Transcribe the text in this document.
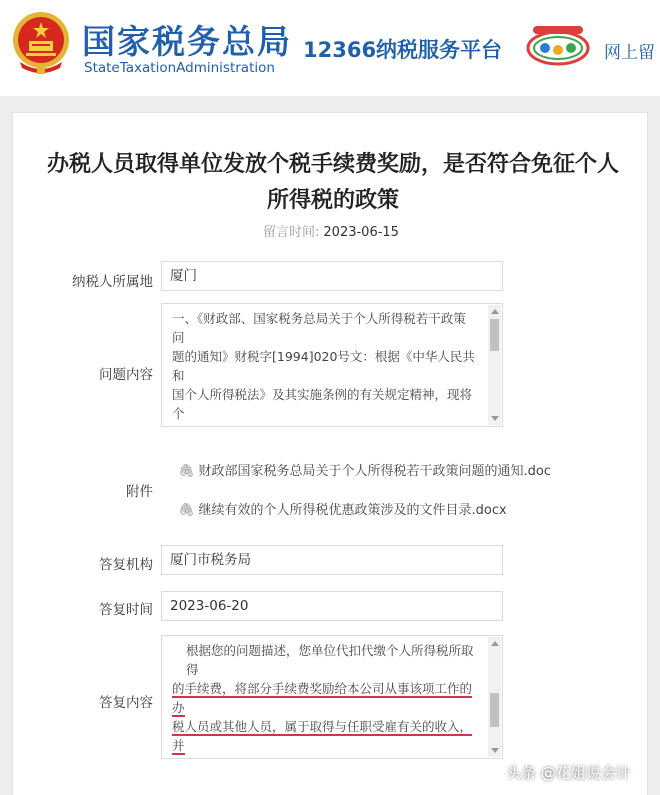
国家税务总局
StateTaxationAdministration
12366纳税服务平台	网上留
办税人员取得单位发放个税手续费奖励，是否符合免征个人所得税的政策
留言时间: 2023-06-15
纳税人所属地	厦门
问题内容

一、《财政部、国家税务总局关于个人所得税若干政策问

题的通知》财税字[1994]020号文：根据《中华人民共和

国个人所得税法》及其实施条例的有关规定精神，现将个

附件
🖇 财政部国家税务总局关于个人所得税若干政策问题的通知.doc
🖇 继续有效的个人所得税优惠政策涉及的文件目录.docx
答复机构	厦门市税务局
答复时间	2023-06-20
答复内容

根据您的问题描述，您单位代扣代缴个人所得税所取得

的手续费，将部分手续费奖励给本公司从事该项工作的办

税人员或其他人员，属于取得与任职受雇有关的收入，并

头条 @花姐说会计
